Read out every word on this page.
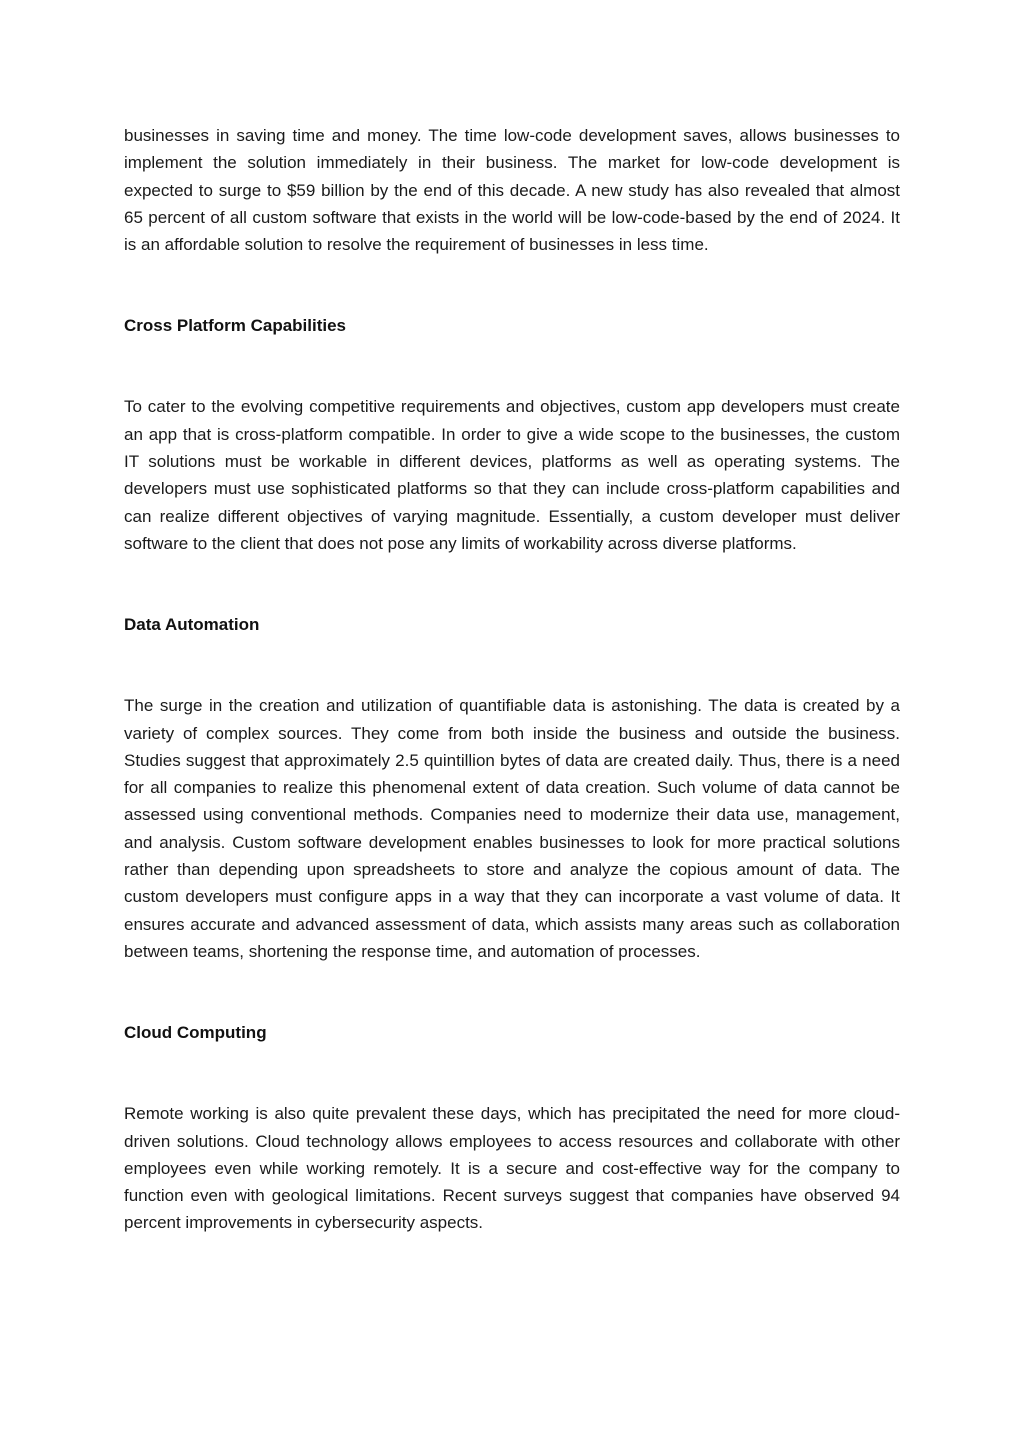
businesses in saving time and money. The time low-code development saves, allows businesses to implement the solution immediately in their business. The market for low-code development is expected to surge to $59 billion by the end of this decade. A new study has also revealed that almost 65 percent of all custom software that exists in the world will be low-code-based by the end of 2024. It is an affordable solution to resolve the requirement of businesses in less time.

Cross Platform Capabilities

To cater to the evolving competitive requirements and objectives, custom app developers must create an app that is cross-platform compatible. In order to give a wide scope to the businesses, the custom IT solutions must be workable in different devices, platforms as well as operating systems. The developers must use sophisticated platforms so that they can include cross-platform capabilities and can realize different objectives of varying magnitude. Essentially, a custom developer must deliver software to the client that does not pose any limits of workability across diverse platforms.

Data Automation

The surge in the creation and utilization of quantifiable data is astonishing. The data is created by a variety of complex sources. They come from both inside the business and outside the business. Studies suggest that approximately 2.5 quintillion bytes of data are created daily. Thus, there is a need for all companies to realize this phenomenal extent of data creation. Such volume of data cannot be assessed using conventional methods. Companies need to modernize their data use, management, and analysis. Custom software development enables businesses to look for more practical solutions rather than depending upon spreadsheets to store and analyze the copious amount of data. The custom developers must configure apps in a way that they can incorporate a vast volume of data. It ensures accurate and advanced assessment of data, which assists many areas such as collaboration between teams, shortening the response time, and automation of processes.

Cloud Computing

Remote working is also quite prevalent these days, which has precipitated the need for more cloud-driven solutions. Cloud technology allows employees to access resources and collaborate with other employees even while working remotely. It is a secure and cost-effective way for the company to function even with geological limitations. Recent surveys suggest that companies have observed 94 percent improvements in cybersecurity aspects.
